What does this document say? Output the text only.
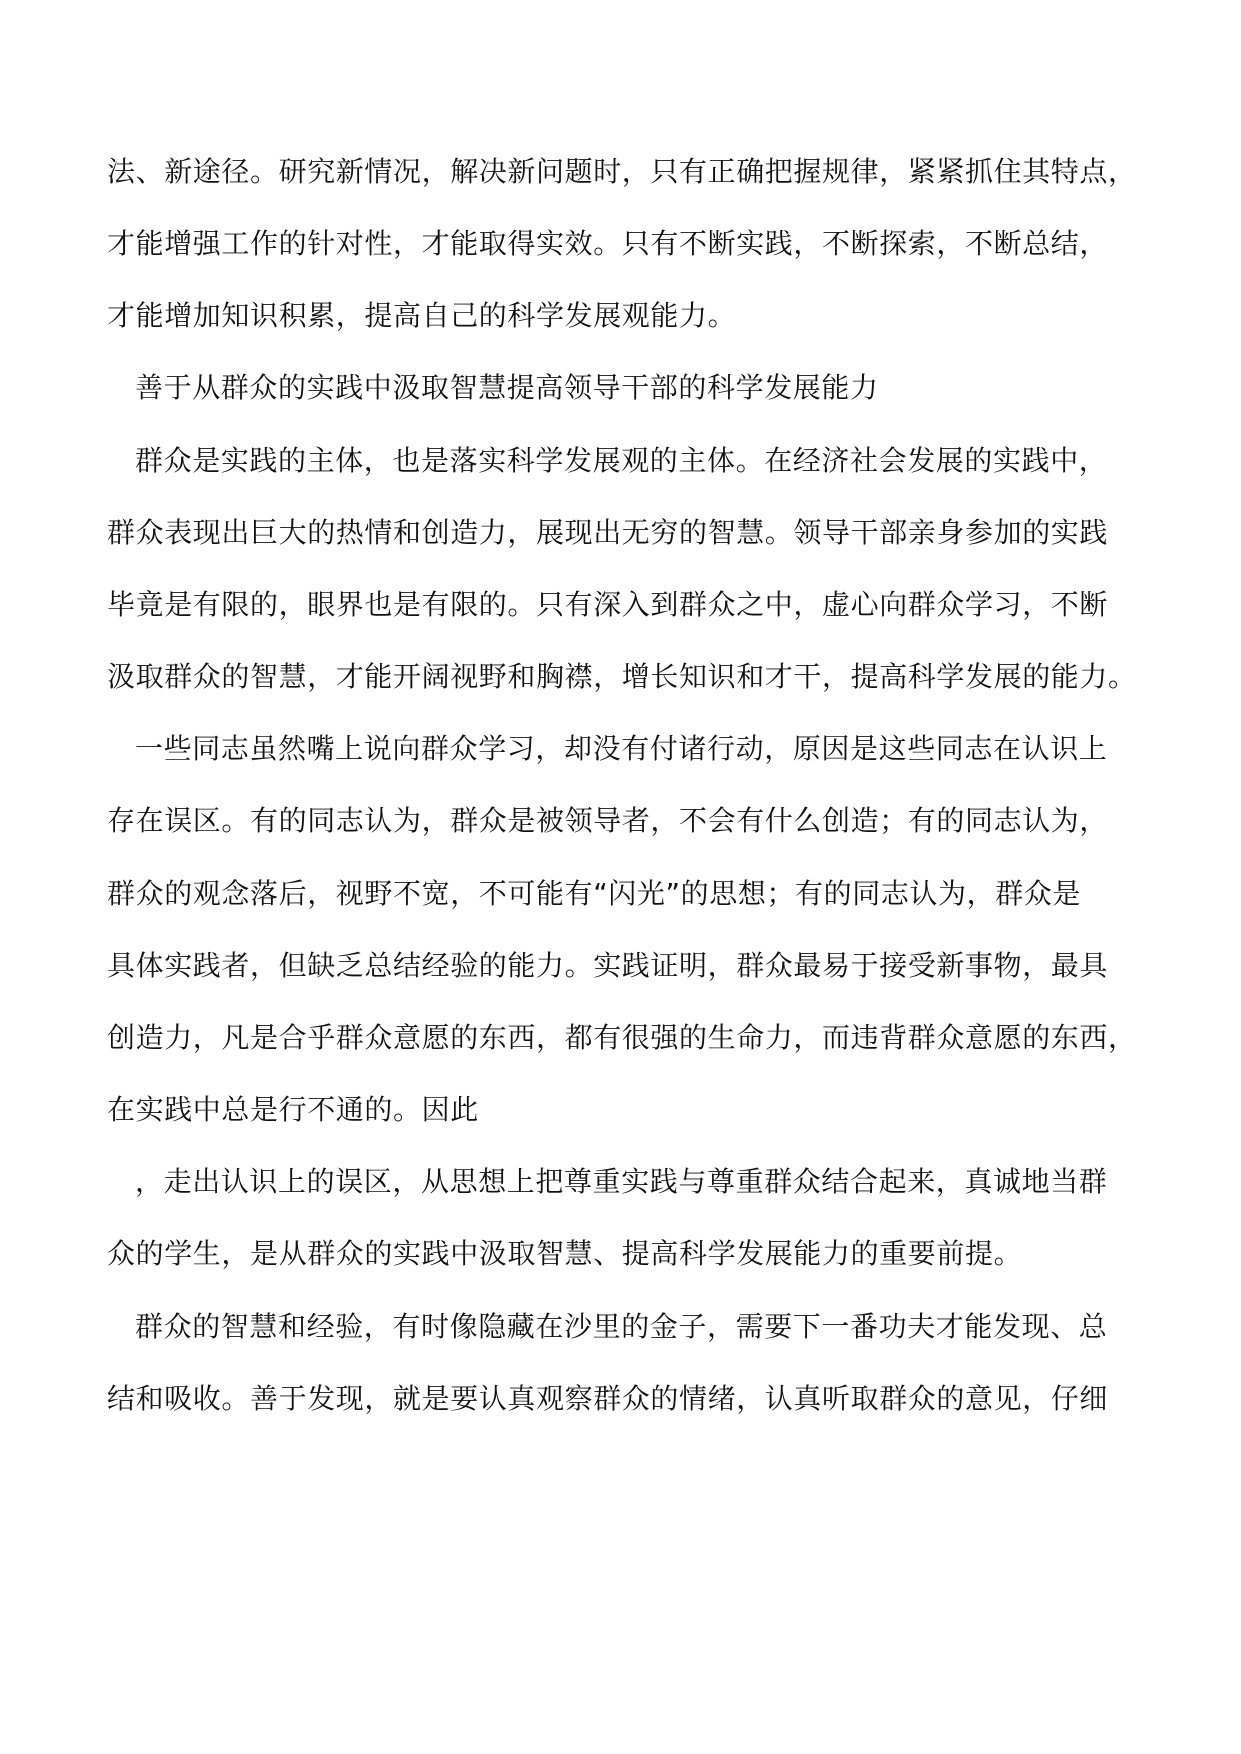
法、新途径。研究新情况，解决新问题时，只有正确把握规律，紧紧抓住其特点，
才能增强工作的针对性，才能取得实效。只有不断实践，不断探索，不断总结，
才能增加知识积累，提高自己的科学发展观能力。
善于从群众的实践中汲取智慧提高领导干部的科学发展能力
群众是实践的主体，也是落实科学发展观的主体。在经济社会发展的实践中，
群众表现出巨大的热情和创造力，展现出无穷的智慧。领导干部亲身参加的实践
毕竟是有限的，眼界也是有限的。只有深入到群众之中，虚心向群众学习，不断
汲取群众的智慧，才能开阔视野和胸襟，增长知识和才干，提高科学发展的能力。
一些同志虽然嘴上说向群众学习，却没有付诸行动，原因是这些同志在认识上
存在误区。有的同志认为，群众是被领导者，不会有什么创造；有的同志认为，
群众的观念落后，视野不宽，不可能有“闪光”的思想；有的同志认为，群众是
具体实践者，但缺乏总结经验的能力。实践证明，群众最易于接受新事物，最具
创造力，凡是合乎群众意愿的东西，都有很强的生命力，而违背群众意愿的东西，
在实践中总是行不通的。因此
，走出认识上的误区，从思想上把尊重实践与尊重群众结合起来，真诚地当群
众的学生，是从群众的实践中汲取智慧、提高科学发展能力的重要前提。
群众的智慧和经验，有时像隐藏在沙里的金子，需要下一番功夫才能发现、总
结和吸收。善于发现，就是要认真观察群众的情绪，认真听取群众的意见，仔细
